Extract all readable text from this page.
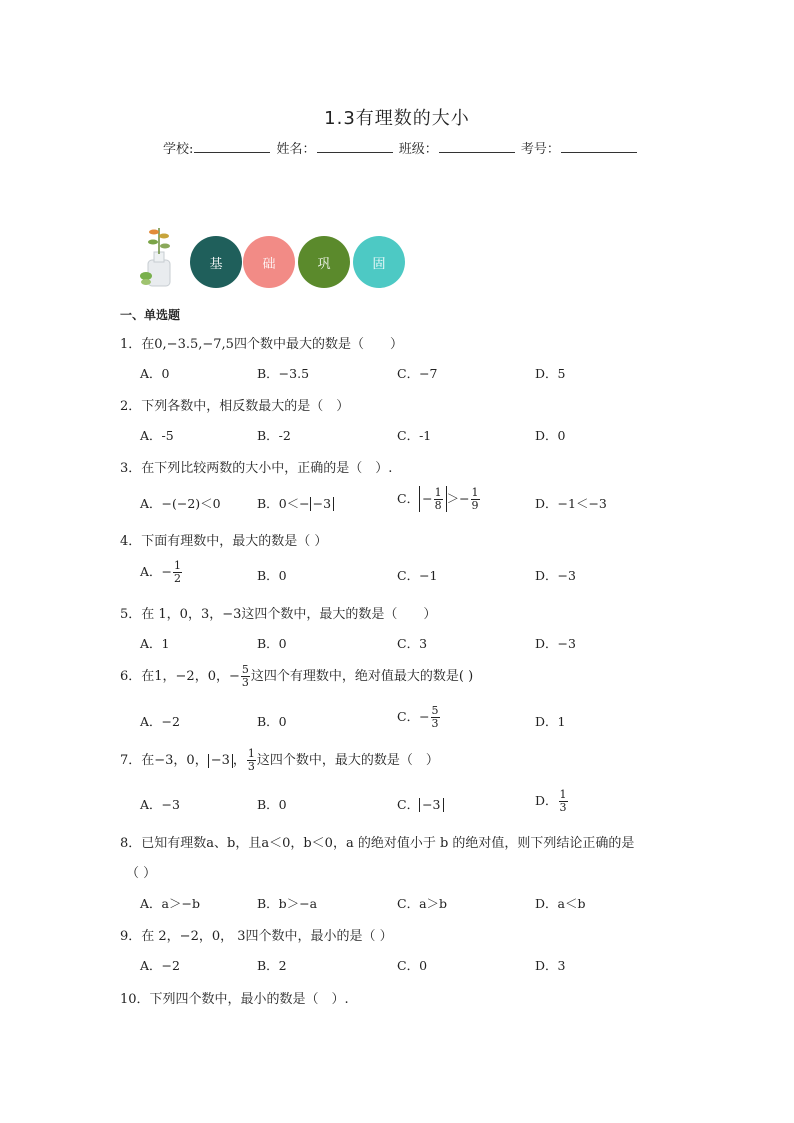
1.3有理数的大小
学校:	姓名：	班级：	考号：
基	础	巩	固
一、单选题
1．在0,−3.5,−7,5四个数中最大的数是（　　）
A．0	B．−3.5	C．−7	D．5
2．下列各数中，相反数最大的是（　）
A．-5	B．-2	C．-1	D．0
3．在下列比较两数的大小中，正确的是（　）.
A．−(−2)＜0	B．0＜− −3	C． − $\frac{1}{8} >- \frac{1}{9}$	D．−1＜−3
4．下面有理数中，最大的数是（ ）
A．− $\frac{1}{2}$	B．0	C．−1	D．−3
5．在 1，0，3，−3这四个数中，最大的数是（　　）
A．1	B．0	C．3	D．−3
6．在1，−2，0，− $\frac{5}{3}$ 这四个有理数中，绝对值最大的数是( )
A．−2	B．0	C．− $\frac{5}{3}$	D．1
7．在−3，0， −3 ， $\frac{1}{3}$ 这四个数中，最大的数是（　）
A．−3	B．0	C． −3	D． $\frac{1}{3}$
8．已知有理数a、b，且a＜0，b＜0，a 的绝对值小于 b 的绝对值，则下列结论正确的是
（ ）
A．a＞−b	B．b＞−a	C．a＞b	D．a＜b
9．在 2，−2，0， 3四个数中，最小的是（ ）
A．−2	B．2	C．0	D．3
10．下列四个数中，最小的数是（　）.
